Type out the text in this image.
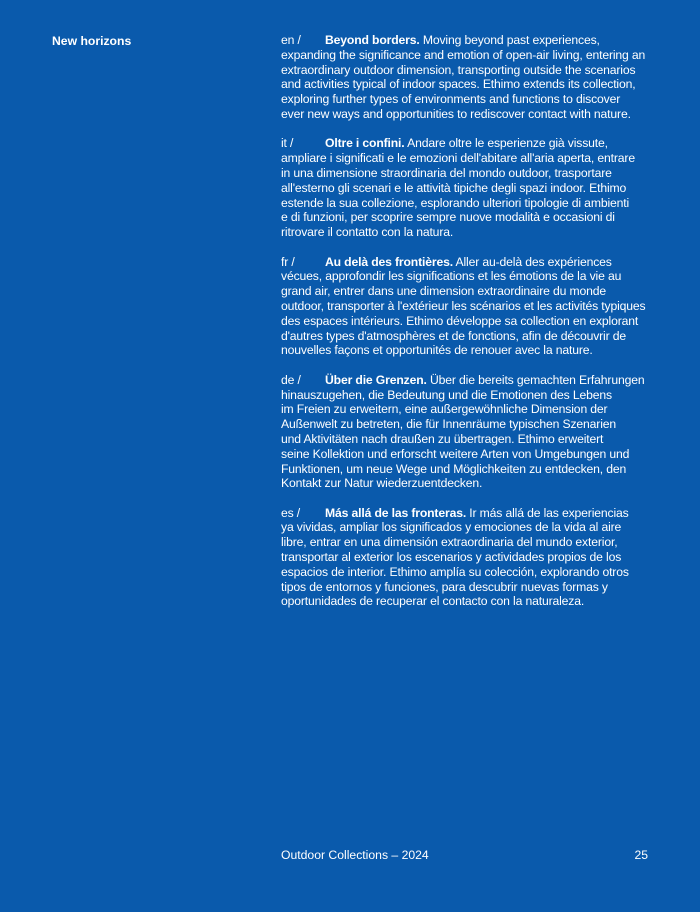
New horizons	en / Beyond borders. Moving beyond past experiences,
expanding the significance and emotion of open-air living, entering an
extraordinary outdoor dimension, transporting outside the scenarios
and activities typical of indoor spaces. Ethimo extends its collection,
exploring further types of environments and functions to discover
ever new ways and opportunities to rediscover contact with nature.

it /	Oltre i confini. Andare oltre le esperienze già vissute,
ampliare i significati e le emozioni dell'abitare all'aria aperta, entrare
in una dimensione straordinaria del mondo outdoor, trasportare
all'esterno gli scenari e le attività tipiche degli spazi indoor. Ethimo
estende la sua collezione, esplorando ulteriori tipologie di ambienti
e di funzioni, per scoprire sempre nuove modalità e occasioni di
ritrovare il contatto con la natura.

fr / Au delà des frontières. Aller au-delà des expériences
vécues, approfondir les significations et les émotions de la vie au
grand air, entrer dans une dimension extraordinaire du monde
outdoor, transporter à l'extérieur les scénarios et les activités typiques
des espaces intérieurs. Ethimo développe sa collection en explorant
d'autres types d'atmosphères et de fonctions, afin de découvrir de
nouvelles façons et opportunités de renouer avec la nature.

de / Über die Grenzen. Über die bereits gemachten Erfahrungen
hinauszugehen, die Bedeutung und die Emotionen des Lebens
im Freien zu erweitern, eine außergewöhnliche Dimension der
Außenwelt zu betreten, die für Innenräume typischen Szenarien
und Aktivitäten nach draußen zu übertragen. Ethimo erweitert
seine Kollektion und erforscht weitere Arten von Umgebungen und
Funktionen, um neue Wege und Möglichkeiten zu entdecken, den
Kontakt zur Natur wiederzuentdecken.

es / Más allá de las fronteras. Ir más allá de las experiencias
ya vividas, ampliar los significados y emociones de la vida al aire
libre, entrar en una dimensión extraordinaria del mundo exterior,
transportar al exterior los escenarios y actividades propios de los
espacios de interior. Ethimo amplía su colección, explorando otros
tipos de entornos y funciones, para descubrir nuevas formas y
oportunidades de recuperar el contacto con la naturaleza.

Outdoor Collections – 2024	25
